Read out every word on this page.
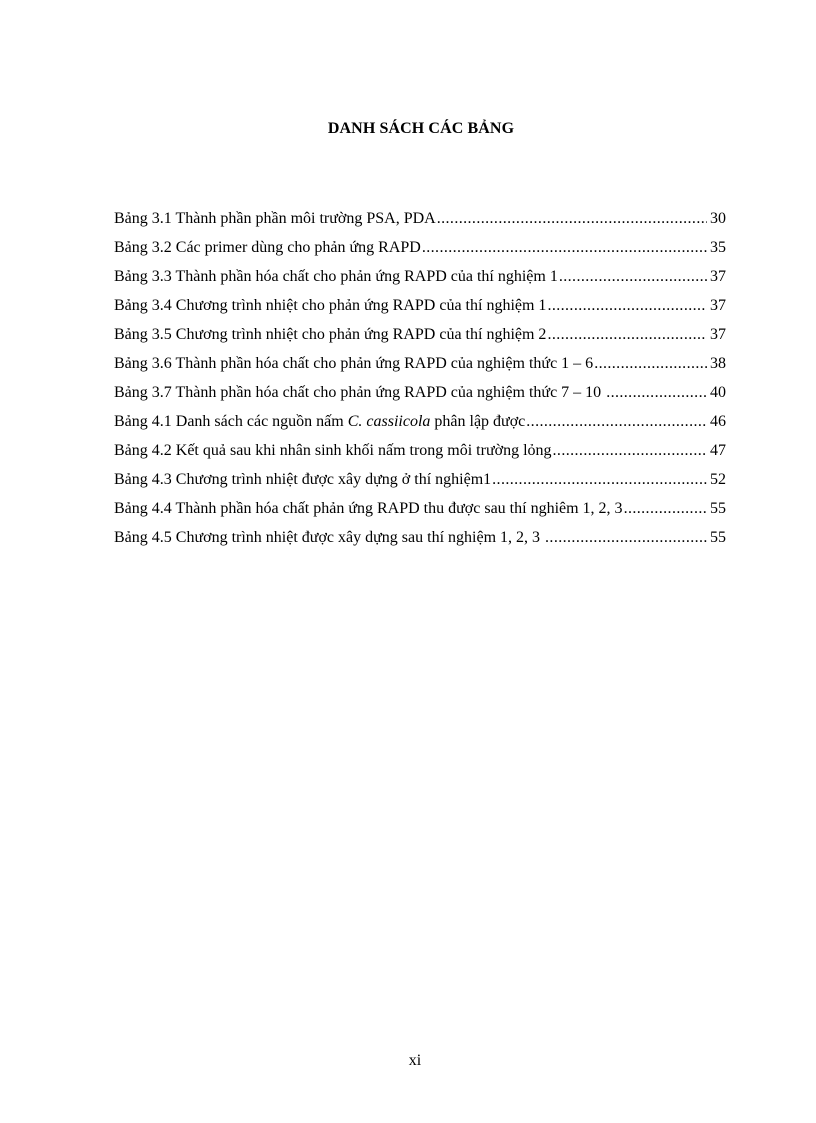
DANH SÁCH CÁC BẢNG
Bảng 3.1 Thành phần phần môi trường PSA, PDA .....	30
Bảng 3.2 Các primer dùng cho phản ứng RAPD .....	35
Bảng 3.3 Thành phần hóa chất cho phản ứng RAPD của thí nghiệm 1 .....	37
Bảng 3.4 Chương trình nhiệt cho phản ứng RAPD của thí nghiệm 1 .....	37
Bảng 3.5 Chương trình nhiệt cho phản ứng RAPD của thí nghiệm 2 .....	37
Bảng 3.6 Thành phần hóa chất cho phản ứng RAPD của nghiệm thức 1 – 6 .....	38
Bảng 3.7 Thành phần hóa chất cho phản ứng RAPD của nghiệm thức 7 – 10 .....	40
Bảng 4.1 Danh sách các nguồn nấm C. cassiicola phân lập được .....	46
Bảng 4.2 Kết quả sau khi nhân sinh khối nấm trong môi trường lỏng .....	47
Bảng 4.3 Chương trình nhiệt được xây dựng ở thí nghiệm1 .....	52
Bảng 4.4 Thành phần hóa chất phản ứng RAPD thu được sau thí nghiêm 1, 2, 3 .....	55
Bảng 4.5 Chương trình nhiệt được xây dựng sau thí nghiệm 1, 2, 3 .....	55
xi
